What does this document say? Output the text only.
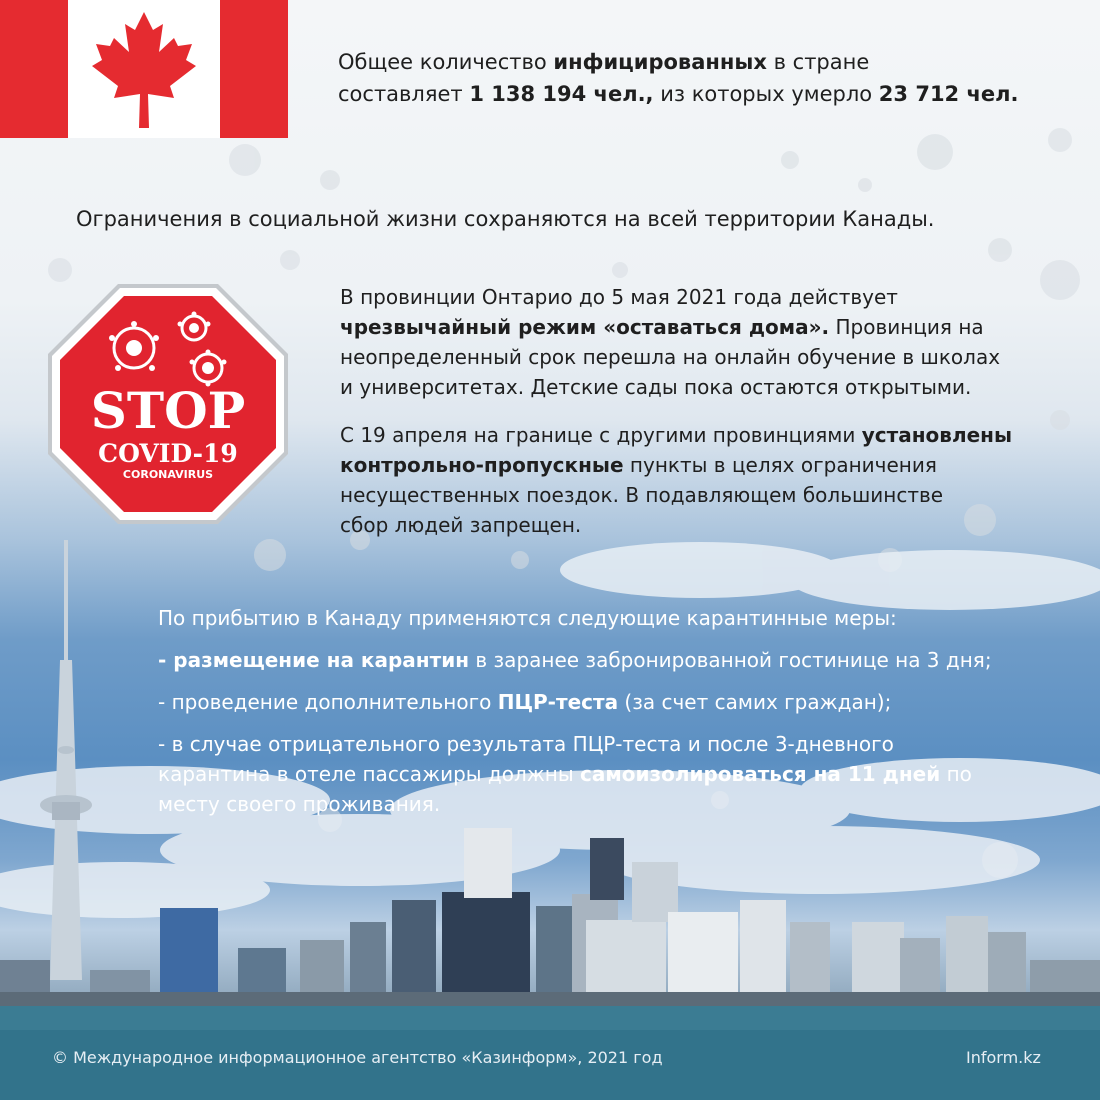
Общее количество инфицированных в стране

составляет 1 138 194 чел., из которых умерло 23 712 чел.

Ограничения в социальной жизни сохраняются на всей территории Канады.
STOP
COVID-19
CORONAVIRUS

В провинции Онтарио до 5 мая 2021 года действует

чрезвычайный режим «оставаться дома». Провинция на

неопределенный срок перешла на онлайн обучение в школах

и университетах. Детские сады пока остаются открытыми.

С 19 апреля на границе с другими провинциями установлены

контрольно-пропускные пункты в целях ограничения

несущественных поездок. В подавляющем большинстве

сбор людей запрещен.

По прибытию в Канаду применяются следующие карантинные меры:

- размещение на карантин в заранее забронированной гостинице на 3 дня;

- проведение дополнительного ПЦР-теста (за счет самих граждан);

- в случае отрицательного результата ПЦР-теста и после 3-дневного

карантина в отеле пассажиры должны самоизолироваться на 11 дней по

месту своего проживания.

© Международное информационное агентство «Казинформ», 2021 год	Inform.kz
